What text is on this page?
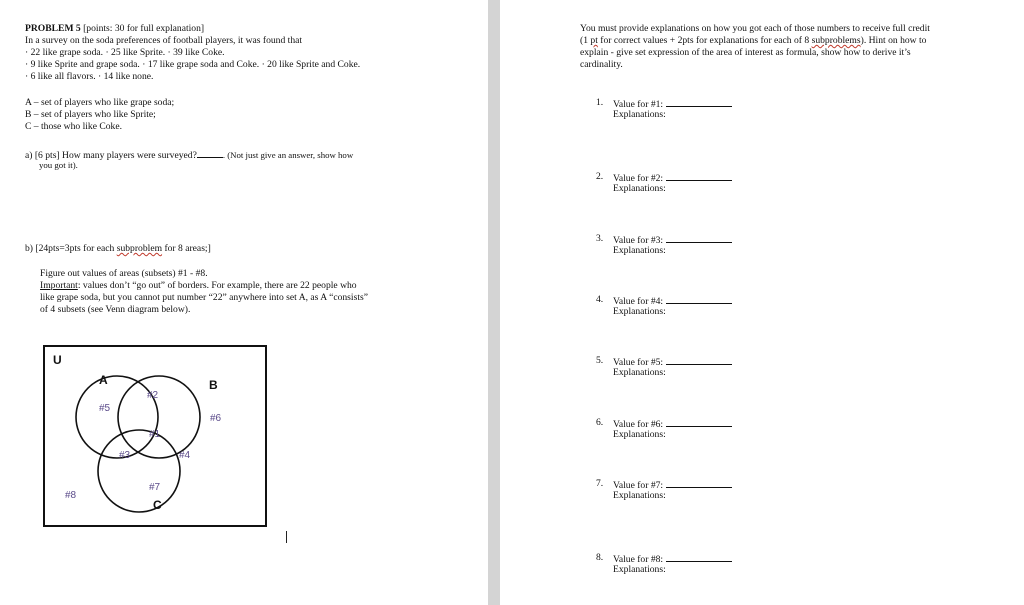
PROBLEM 5 [points: 30 for full explanation]
In a survey on the soda preferences of football players, it was found that
· 22 like grape soda. · 25 like Sprite. · 39 like Coke.
· 9 like Sprite and grape soda. · 17 like grape soda and Coke. · 20 like Sprite and Coke.
· 6 like all flavors. · 14 like none.
A – set of players who like grape soda;
B – set of players who like Sprite;
C – those who like Coke.
a) [6 pts] How many players were surveyed?	. (Not just give an answer, show how
you got it).
b) [24pts=3pts for each subproblem for 8 areas;]
Figure out values of areas (subsets) #1 - #8.
Important: values don’t “go out” of borders. For example, there are 22 people who
like grape soda, but you cannot put number “22” anywhere into set A, as A “consists”
of 4 subsets (see Venn diagram below).
U
A	B
C
#1
#2
#3	#4
#5
#6
#7
#8
You must provide explanations on how you got each of those numbers to receive full credit
(1 pt for correct values + 2pts for explanations for each of 8 subproblems). Hint on how to
explain - give set expression of the area of interest as formula, show how to derive it’s
cardinality.
1. Value for #1:
Explanations:
2. Value for #2:
Explanations:
3. Value for #3:
Explanations:
4. Value for #4:
Explanations:
5. Value for #5:
Explanations:
6. Value for #6:
Explanations:
7. Value for #7:
Explanations:
8. Value for #8:
Explanations:
